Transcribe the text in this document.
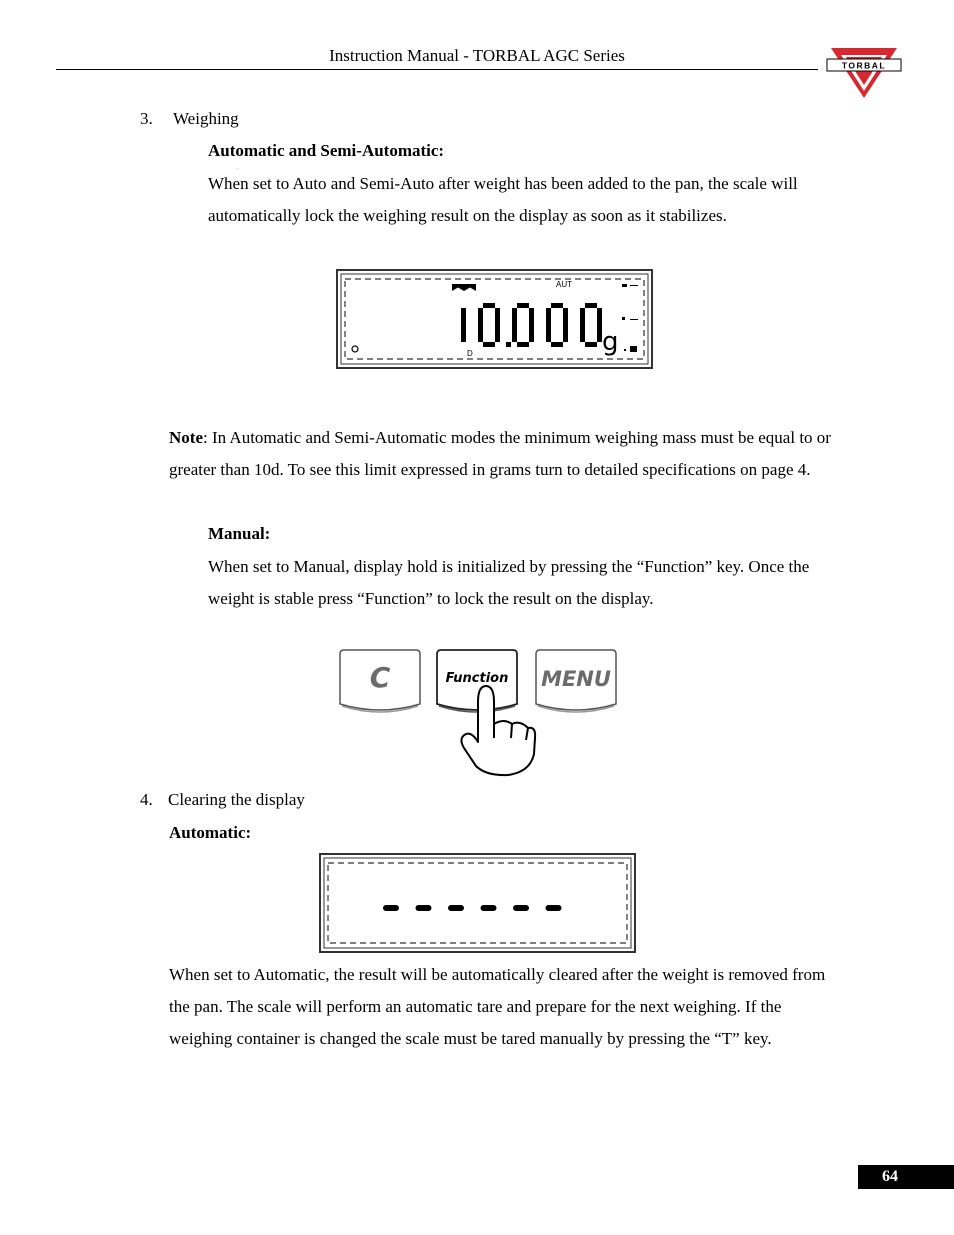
Instruction Manual - TORBAL AGC Series
TORBAL
3. Weighing
Automatic and Semi-Automatic:
When set to Auto and Semi-Auto after weight has been added to the pan, the scale will
automatically lock the weighing result on the display as soon as it stabilizes.
AUT
D	g
10.000
Note: In Automatic and Semi-Automatic modes the minimum weighing mass must be equal to or
greater than 10d. To see this limit expressed in grams turn to detailed specifications on page 4.
Manual:
When set to Manual, display hold is initialized by pressing the “Function” key. Once the
weight is stable press “Function” to lock the result on the display.
C	Function MENU
4. Clearing the display
Automatic:
------
When set to Automatic, the result will be automatically cleared after the weight is removed from
the pan. The scale will perform an automatic tare and prepare for the next weighing. If the
weighing container is changed the scale must be tared manually by pressing the “T” key.
64
